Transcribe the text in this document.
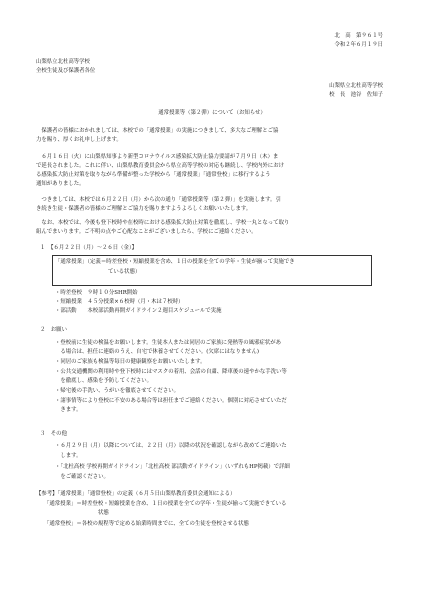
北　高　第９６１号
令和２年６月１９日
山梨県立北杜高等学校
全校生徒及び保護者各位
山梨県立北杜高等学校
校　長　池谷　佐知子
通常授業等（第２弾）について（お知らせ）
　保護者の皆様におかれましては、本校での「通常授業」の実施につきまして、多大なご理解とご協
力を賜り、厚くお礼申し上げます。
　６月１６日（火）に山梨県知事より新型コロナウイルス感染拡大防止協力要請が７月９日（木）ま
で延長されました。これに伴い、山梨県教育委員会から県立高等学校の対応も継続し、学校内外におけ
る感染拡大防止対策を取りながら準備が整った学校から「通常授業」「通常登校」に移行するよう
通知がありました。
　つきましては、本校では６月２２日（月）から次の通り「通常授業等（第２弾）」を実施します。引
き続き生徒・保護者の皆様のご理解とご協力を賜りますようよろしくお願いいたします。
　なお、本校では、今後も登下校時や在校時における感染拡大防止対策を徹底し、学校一丸となって取り
組んでまいります。ご不明の点やご心配なことがございましたら、学校にご連絡ください。
１　【６月２２日（月）～２６日（金）】
「通常授業」（定義＝時差登校・短縮授業を含め、１日の授業を全ての学年・生徒が揃って実施でき
ている状態）
・時差登校　９時１０分SHR開始
・短縮授業　４５分授業×６校時（月・木は７校時）
・部活動　　本校部活動再開ガイドライン２週目スケジュールで実施
２　お願い
・登校前に生徒の検温をお願いします。生徒本人または同居のご家族に発熱等の風邪症状があ
　る場合は、担任に連絡のうえ、自宅で休養させてください。(欠席にはなりません)
・同居のご家族も検温等毎日の健康観察をお願いいたします。
・公共交通機関の利用時や登下校時にはマスクの着用、会話の自粛、降車後の速やかな手洗い等
　を徹底し、感染を予防してください。
・帰宅後の手洗い、うがいを徹底させてください。
・諸事情等により登校に不安のある場合等は担任までご連絡ください。個別に対応させていただ
　きます。
３　その他
・６月２９日（月）以降については、２２日（月）以降の状況を確認しながら改めてご連絡いた
　します。
・「北杜高校 学校再開ガイドライン」「北杜高校 部活動ガイドライン」（いずれもHP掲載）で詳細
　をご確認ください。
【参考】「通常授業」「通常登校」の定義（６月５日山梨県教育委員会通知による）
「通常授業」＝時差登校・短縮授業を含め、１日の授業を全ての学年・生徒が揃って実施できている
状態
「通常登校」＝各校の規程等で定める始業時間までに、全ての生徒を登校させる状態
